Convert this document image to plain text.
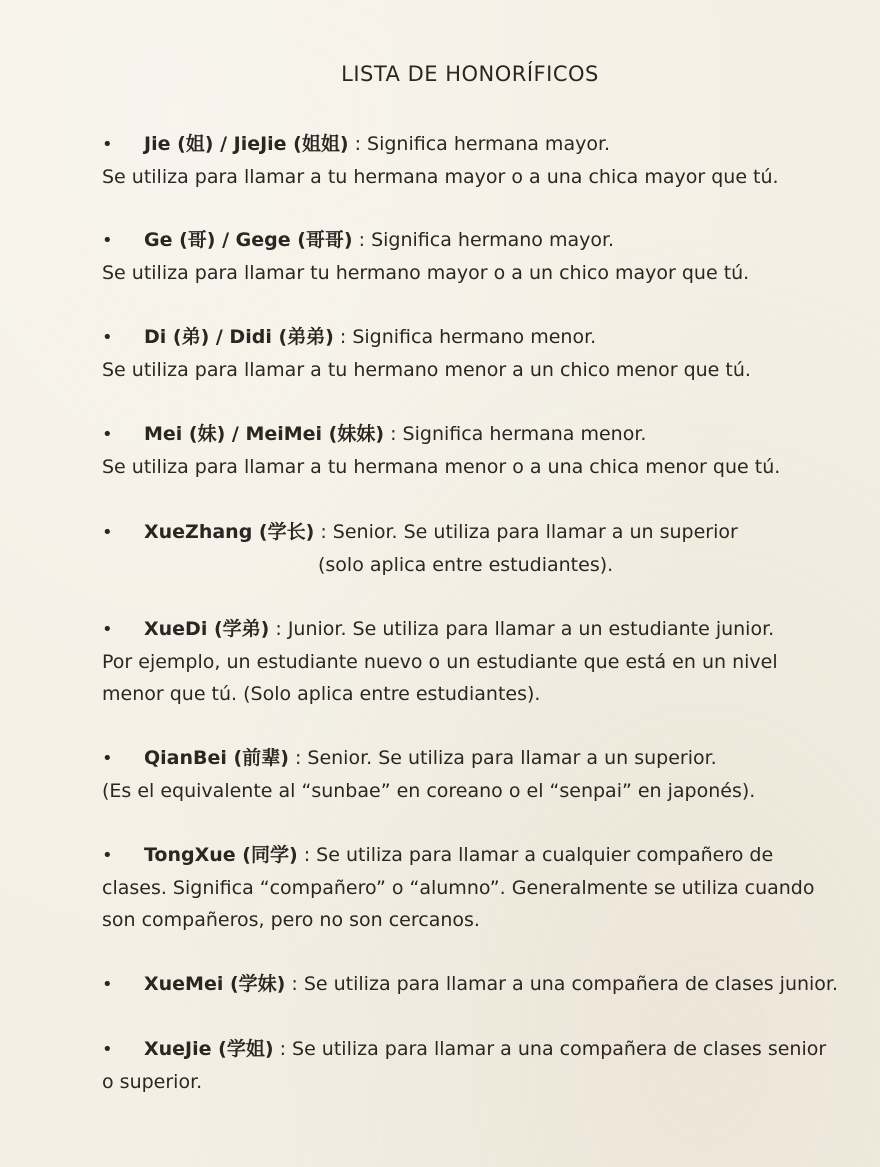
LISTA DE HONORÍFICOS
• Jie (姐) / JieJie (姐姐) : Significa hermana mayor.
Se utiliza para llamar a tu hermana mayor o a una chica mayor que tú.
• Ge (哥) / Gege (哥哥) : Significa hermano mayor.
Se utiliza para llamar tu hermano mayor o a un chico mayor que tú.
• Di (弟) / Didi (弟弟) : Significa hermano menor.
Se utiliza para llamar a tu hermano menor a un chico menor que tú.
• Mei (妹) / MeiMei (妹妹) : Significa hermana menor.
Se utiliza para llamar a tu hermana menor o a una chica menor que tú.
• XueZhang (学长) : Senior. Se utiliza para llamar a un superior
(solo aplica entre estudiantes).
• XueDi (学弟) : Junior. Se utiliza para llamar a un estudiante junior.
Por ejemplo, un estudiante nuevo o un estudiante que está en un nivel
menor que tú. (Solo aplica entre estudiantes).
• QianBei (前辈) : Senior. Se utiliza para llamar a un superior.
(Es el equivalente al “sunbae” en coreano o el “senpai” en japonés).
• TongXue (同学) : Se utiliza para llamar a cualquier compañero de
clases. Significa “compañero” o “alumno”. Generalmente se utiliza cuando
son compañeros, pero no son cercanos.
• XueMei (学妹) : Se utiliza para llamar a una compañera de clases junior.
• XueJie (学姐) : Se utiliza para llamar a una compañera de clases senior
o superior.
